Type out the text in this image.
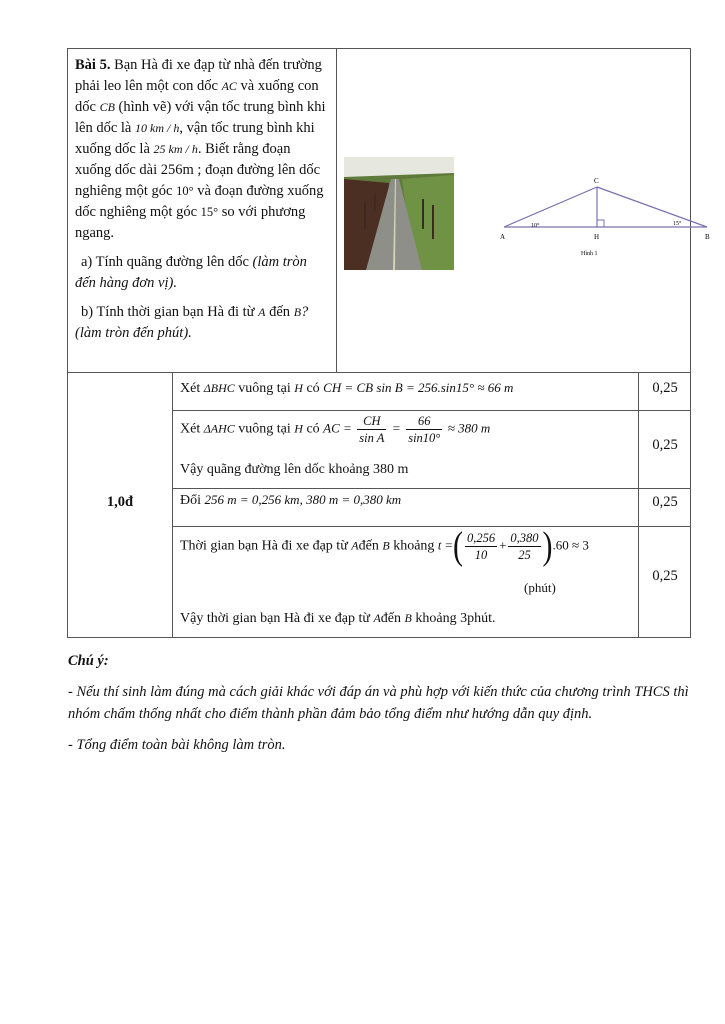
Bài 5. Bạn Hà đi xe đạp từ nhà đến trường phải leo lên một con dốc AC và xuống con dốc CB (hình vẽ) với vận tốc trung bình khi lên dốc là 10 km / h, vận tốc trung bình khi xuống dốc là 25 km / h. Biết rằng đoạn xuống dốc dài 256m ; đoạn đường lên dốc nghiêng một góc 10° và đoạn đường xuống dốc nghiêng một góc 15° so với phương ngang.

a) Tính quãng đường lên dốc (làm tròn đến hàng đơn vị).

b) Tính thời gian bạn Hà đi từ A đến B? (làm tròn đến phút).

A	B
C
H
10°	15°
Hình 1
1,0đ
Xét ΔBHC vuông tại H có CH = CB sin B = 256.sin15° ≈ 66 m	0,25
Xét ΔAHC vuông tại H có AC = $\frac{CH}{\text{sin A}} = \frac{66}{\sin 10^\circ} \approx 380$ m
Vậy quãng đường lên dốc khoảng 380 m
0,25
Đổi 256 m = 0,256 km, 380 m = 0,380 km	0,25
Thời gian bạn Hà đi xe đạp từ Ađến B khoảng t =( $\frac{0,256}{10} + \frac{0,380}{25} ).60 \approx 3$
(phút)
Vậy thời gian bạn Hà đi xe đạp từ Ađến B khoảng 3phút.
0,25

Chú ý:

- Nếu thí sinh làm đúng mà cách giải khác với đáp án và phù hợp với kiến thức của chương trình THCS thì nhóm chấm thống nhất cho điểm thành phần đảm bảo tổng điểm như hướng dẫn quy định.

- Tổng điểm toàn bài không làm tròn.
